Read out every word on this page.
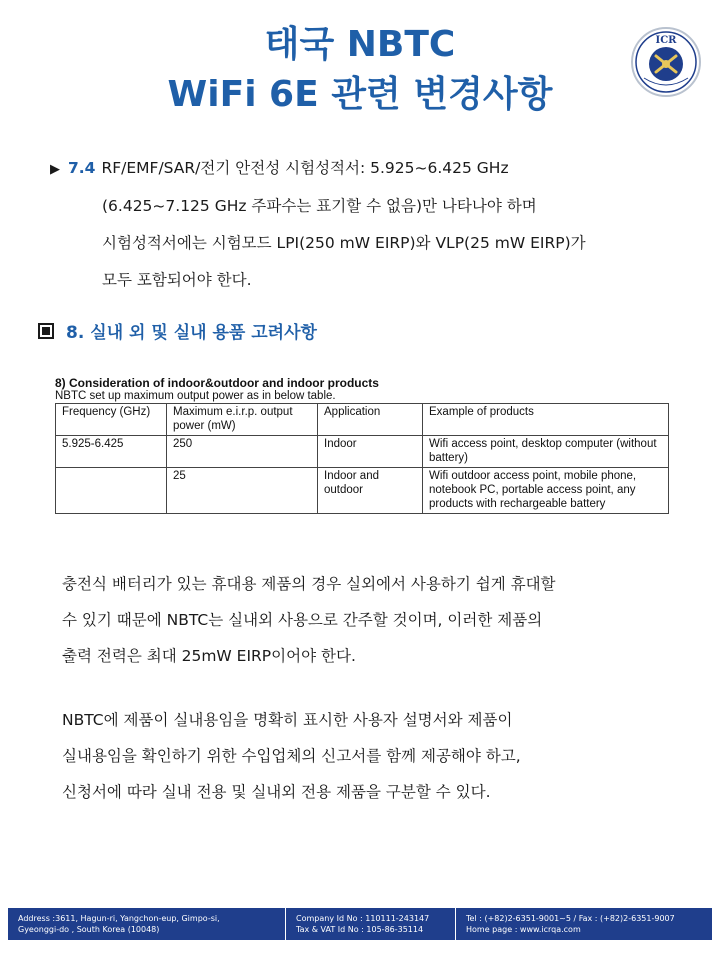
태국 NBTC
WiFi 6E 관련 변경사항
ICR
▶ 7.4 RF/EMF/SAR/전기 안전성 시험성적서: 5.925~6.425 GHz
(6.425~7.125 GHz 주파수는 표기할 수 없음)만 나타나야 하며
시험성적서에는 시험모드 LPI(250 mW EIRP)와 VLP(25 mW EIRP)가
모두 포함되어야 한다.
8. 실내 외 및 실내 용품 고려사항
8) Consideration of indoor&outdoor and indoor products
NBTC set up maximum output power as in below table.
Frequency (GHz)	Maximum e.i.r.p. output power (mW)	Application	Example of products
5.925-6.425	250	Indoor	Wifi access point, desktop computer (without battery)
	25	Indoor and outdoor	Wifi outdoor access point, mobile phone, notebook PC, portable access point, any products with rechargeable battery
충전식 배터리가 있는 휴대용 제품의 경우 실외에서 사용하기 쉽게 휴대할
수 있기 때문에 NBTC는 실내외 사용으로 간주할 것이며, 이러한 제품의
출력 전력은 최대 25mW EIRP이어야 한다.
NBTC에 제품이 실내용임을 명확히 표시한 사용자 설명서와 제품이
실내용임을 확인하기 위한 수입업체의 신고서를 함께 제공해야 하고,
신청서에 따라 실내 전용 및 실내외 전용 제품을 구분할 수 있다.
Address :3611, Hagun-ri, Yangchon-eup, Gimpo-si,
Gyeonggi-do , South Korea (10048)
Company Id No : 110111-243147
Tax & VAT Id No : 105-86-35114
Tel : (+82)2-6351-9001~5 / Fax : (+82)2-6351-9007
Home page : www.icrqa.com
